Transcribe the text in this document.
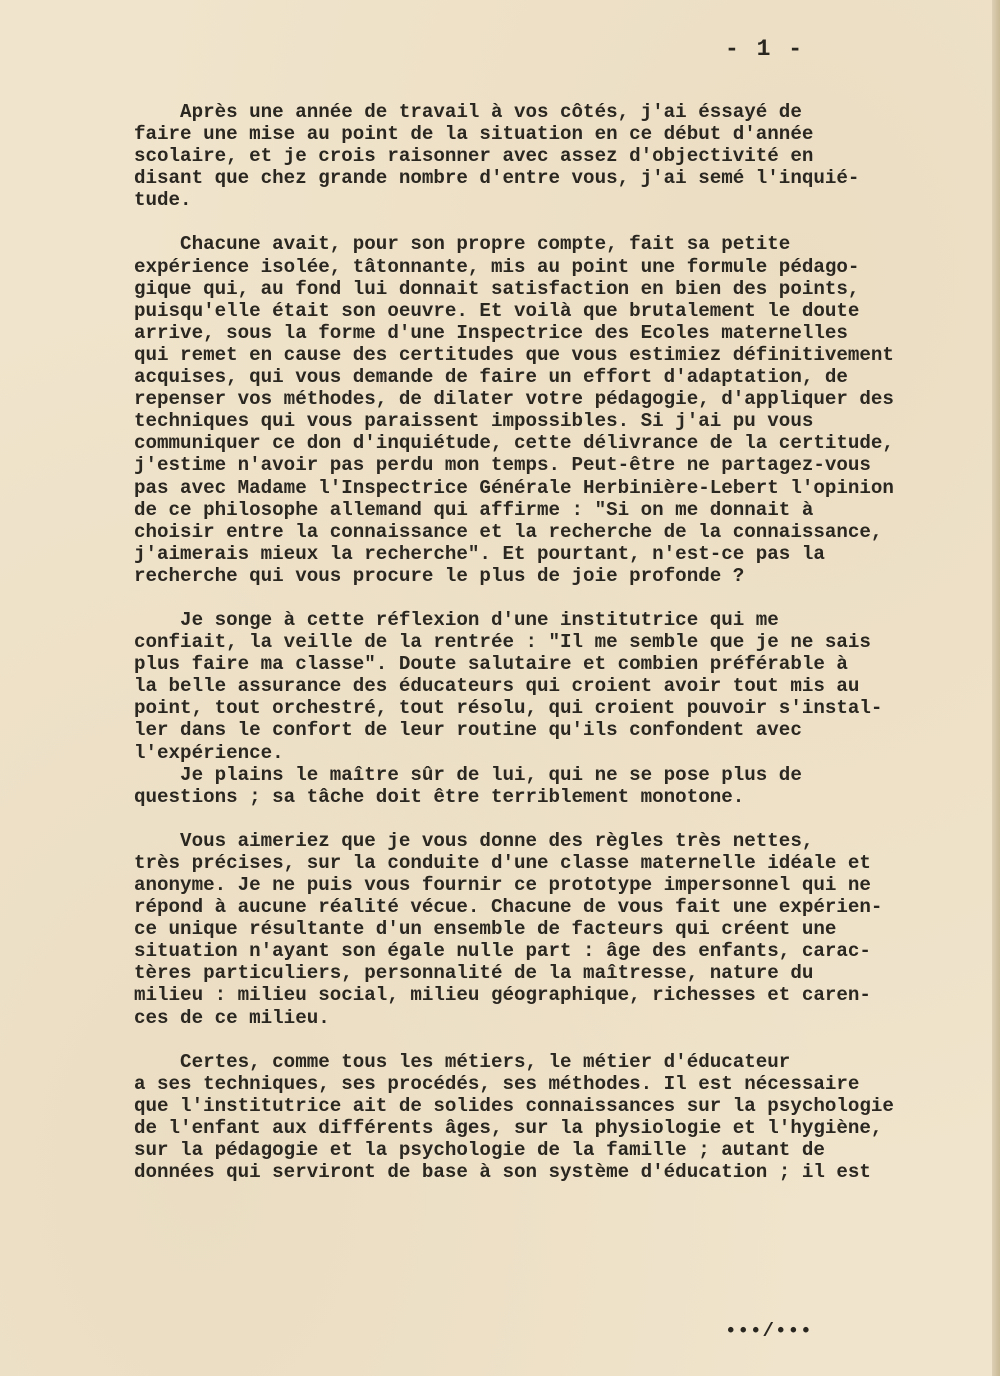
- 1 -

Après une année de travail à vos côtés, j'ai éssayé de
faire une mise au point de la situation en ce début d'année
scolaire, et je crois raisonner avec assez d'objectivité en
disant que chez grande nombre d'entre vous, j'ai semé l'inquié-
tude.

Chacune avait, pour son propre compte, fait sa petite
expérience isolée, tâtonnante, mis au point une formule pédago-
gique qui, au fond lui donnait satisfaction en bien des points,
puisqu'elle était son oeuvre. Et voilà que brutalement le doute
arrive, sous la forme d'une Inspectrice des Ecoles maternelles
qui remet en cause des certitudes que vous estimiez définitivement
acquises, qui vous demande de faire un effort d'adaptation, de
repenser vos méthodes, de dilater votre pédagogie, d'appliquer des
techniques qui vous paraissent impossibles. Si j'ai pu vous
communiquer ce don d'inquiétude, cette délivrance de la certitude,
j'estime n'avoir pas perdu mon temps. Peut-être ne partagez-vous
pas avec Madame l'Inspectrice Générale Herbinière-Lebert l'opinion
de ce philosophe allemand qui affirme : "Si on me donnait à
choisir entre la connaissance et la recherche de la connaissance,
j'aimerais mieux la recherche". Et pourtant, n'est-ce pas la
recherche qui vous procure le plus de joie profonde ?

Je songe à cette réflexion d'une institutrice qui me
confiait, la veille de la rentrée : "Il me semble que je ne sais
plus faire ma classe". Doute salutaire et combien préférable à
la belle assurance des éducateurs qui croient avoir tout mis au
point, tout orchestré, tout résolu, qui croient pouvoir s'instal-
ler dans le confort de leur routine qu'ils confondent avec
l'expérience.
Je plains le maître sûr de lui, qui ne se pose plus de
questions ; sa tâche doit être terriblement monotone.

Vous aimeriez que je vous donne des règles très nettes,
très précises, sur la conduite d'une classe maternelle idéale et
anonyme. Je ne puis vous fournir ce prototype impersonnel qui ne
répond à aucune réalité vécue. Chacune de vous fait une expérien-
ce unique résultante d'un ensemble de facteurs qui créent une
situation n'ayant son égale nulle part : âge des enfants, carac-
tères particuliers, personnalité de la maîtresse, nature du
milieu : milieu social, milieu géographique, richesses et caren-
ces de ce milieu.

Certes, comme tous les métiers, le métier d'éducateur
a ses techniques, ses procédés, ses méthodes. Il est nécessaire
que l'institutrice ait de solides connaissances sur la psychologie
de l'enfant aux différents âges, sur la physiologie et l'hygiène,
sur la pédagogie et la psychologie de la famille ; autant de
données qui serviront de base à son système d'éducation ; il est

•••/•••
